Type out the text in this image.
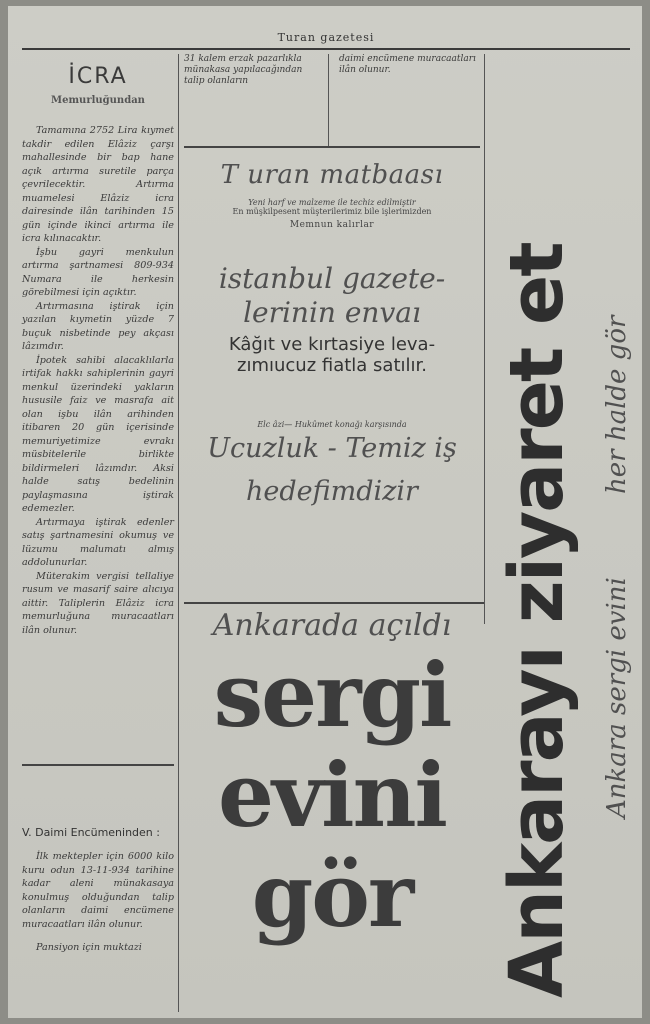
Turan gazetesi
İCRA
Memurluğundan

Tamamına 2752 Lira kıymet takdir edilen Elâziz çarşı mahallesinde bir bap hane açık artırma suretile parça çevrilecektir. Artırma muamelesi Elâziz icra dairesinde ilân tarihinden 15 gün içinde ikinci artırma ile icra kılınacaktır.

İşbu gayri menkulun artırma şartnamesi 809-934 Numara ile herkesin görebilmesi için açıktır.

Artırmasına iştirak için yazılan kıymetin yüzde 7 buçuk nisbetinde pey akçası lâzımdır.

İpotek sahibi alacaklılarla irtifak hakkı sahiplerinin gayri menkul üzerindeki yakların hususile faiz ve masrafa ait olan işbu ilân arihinden itibaren 20 gün içerisinde memuriyetimize evrakı müsbitelerile birlikte bildirmeleri lâzımdır. Aksi halde satış bedelinin paylaşmasına iştirak edemezler.

Artırmaya iştirak edenler satış şartnamesini okumuş ve lüzumu malumatı almış addolunurlar.

Müterakim vergisi tellaliye rusum ve masarif saire alıcıya aittir. Taliplerin Elâziz icra memurluğuna muracaatları ilân olunur.

V. Daimi Encümeninden :

İlk mektepler için 6000 kilo kuru odun 13-11-934 tarihine kadar aleni münakasaya konulmuş olduğundan talip olanların daimi encümene muracaatları ilân olunur.

Pansiyon için muktazi

31 kalem erzak pazarlıkla münakasa yapılacağından talip olanların
daimi encümene muracaatları ilân olunur.
T uran matbaası
Yeni harf ve malzeme ile techiz edilmiştir
En müşkilpesent müşterilerimiz bile işlerimizden
Memnun kalırlar
istanbul gazete-
lerinin envaı
Kâğıt ve kırtasiye leva-
zımıucuz fiatla satılır.
Elc âzi— Hukûmet konağı karşısında
Ucuzluk - Temiz iş
hedefimdizir
Ankarada açıldı
sergi
evini
gör	Ankarayı ziyaret et Ankara sergi evini
her halde gör
